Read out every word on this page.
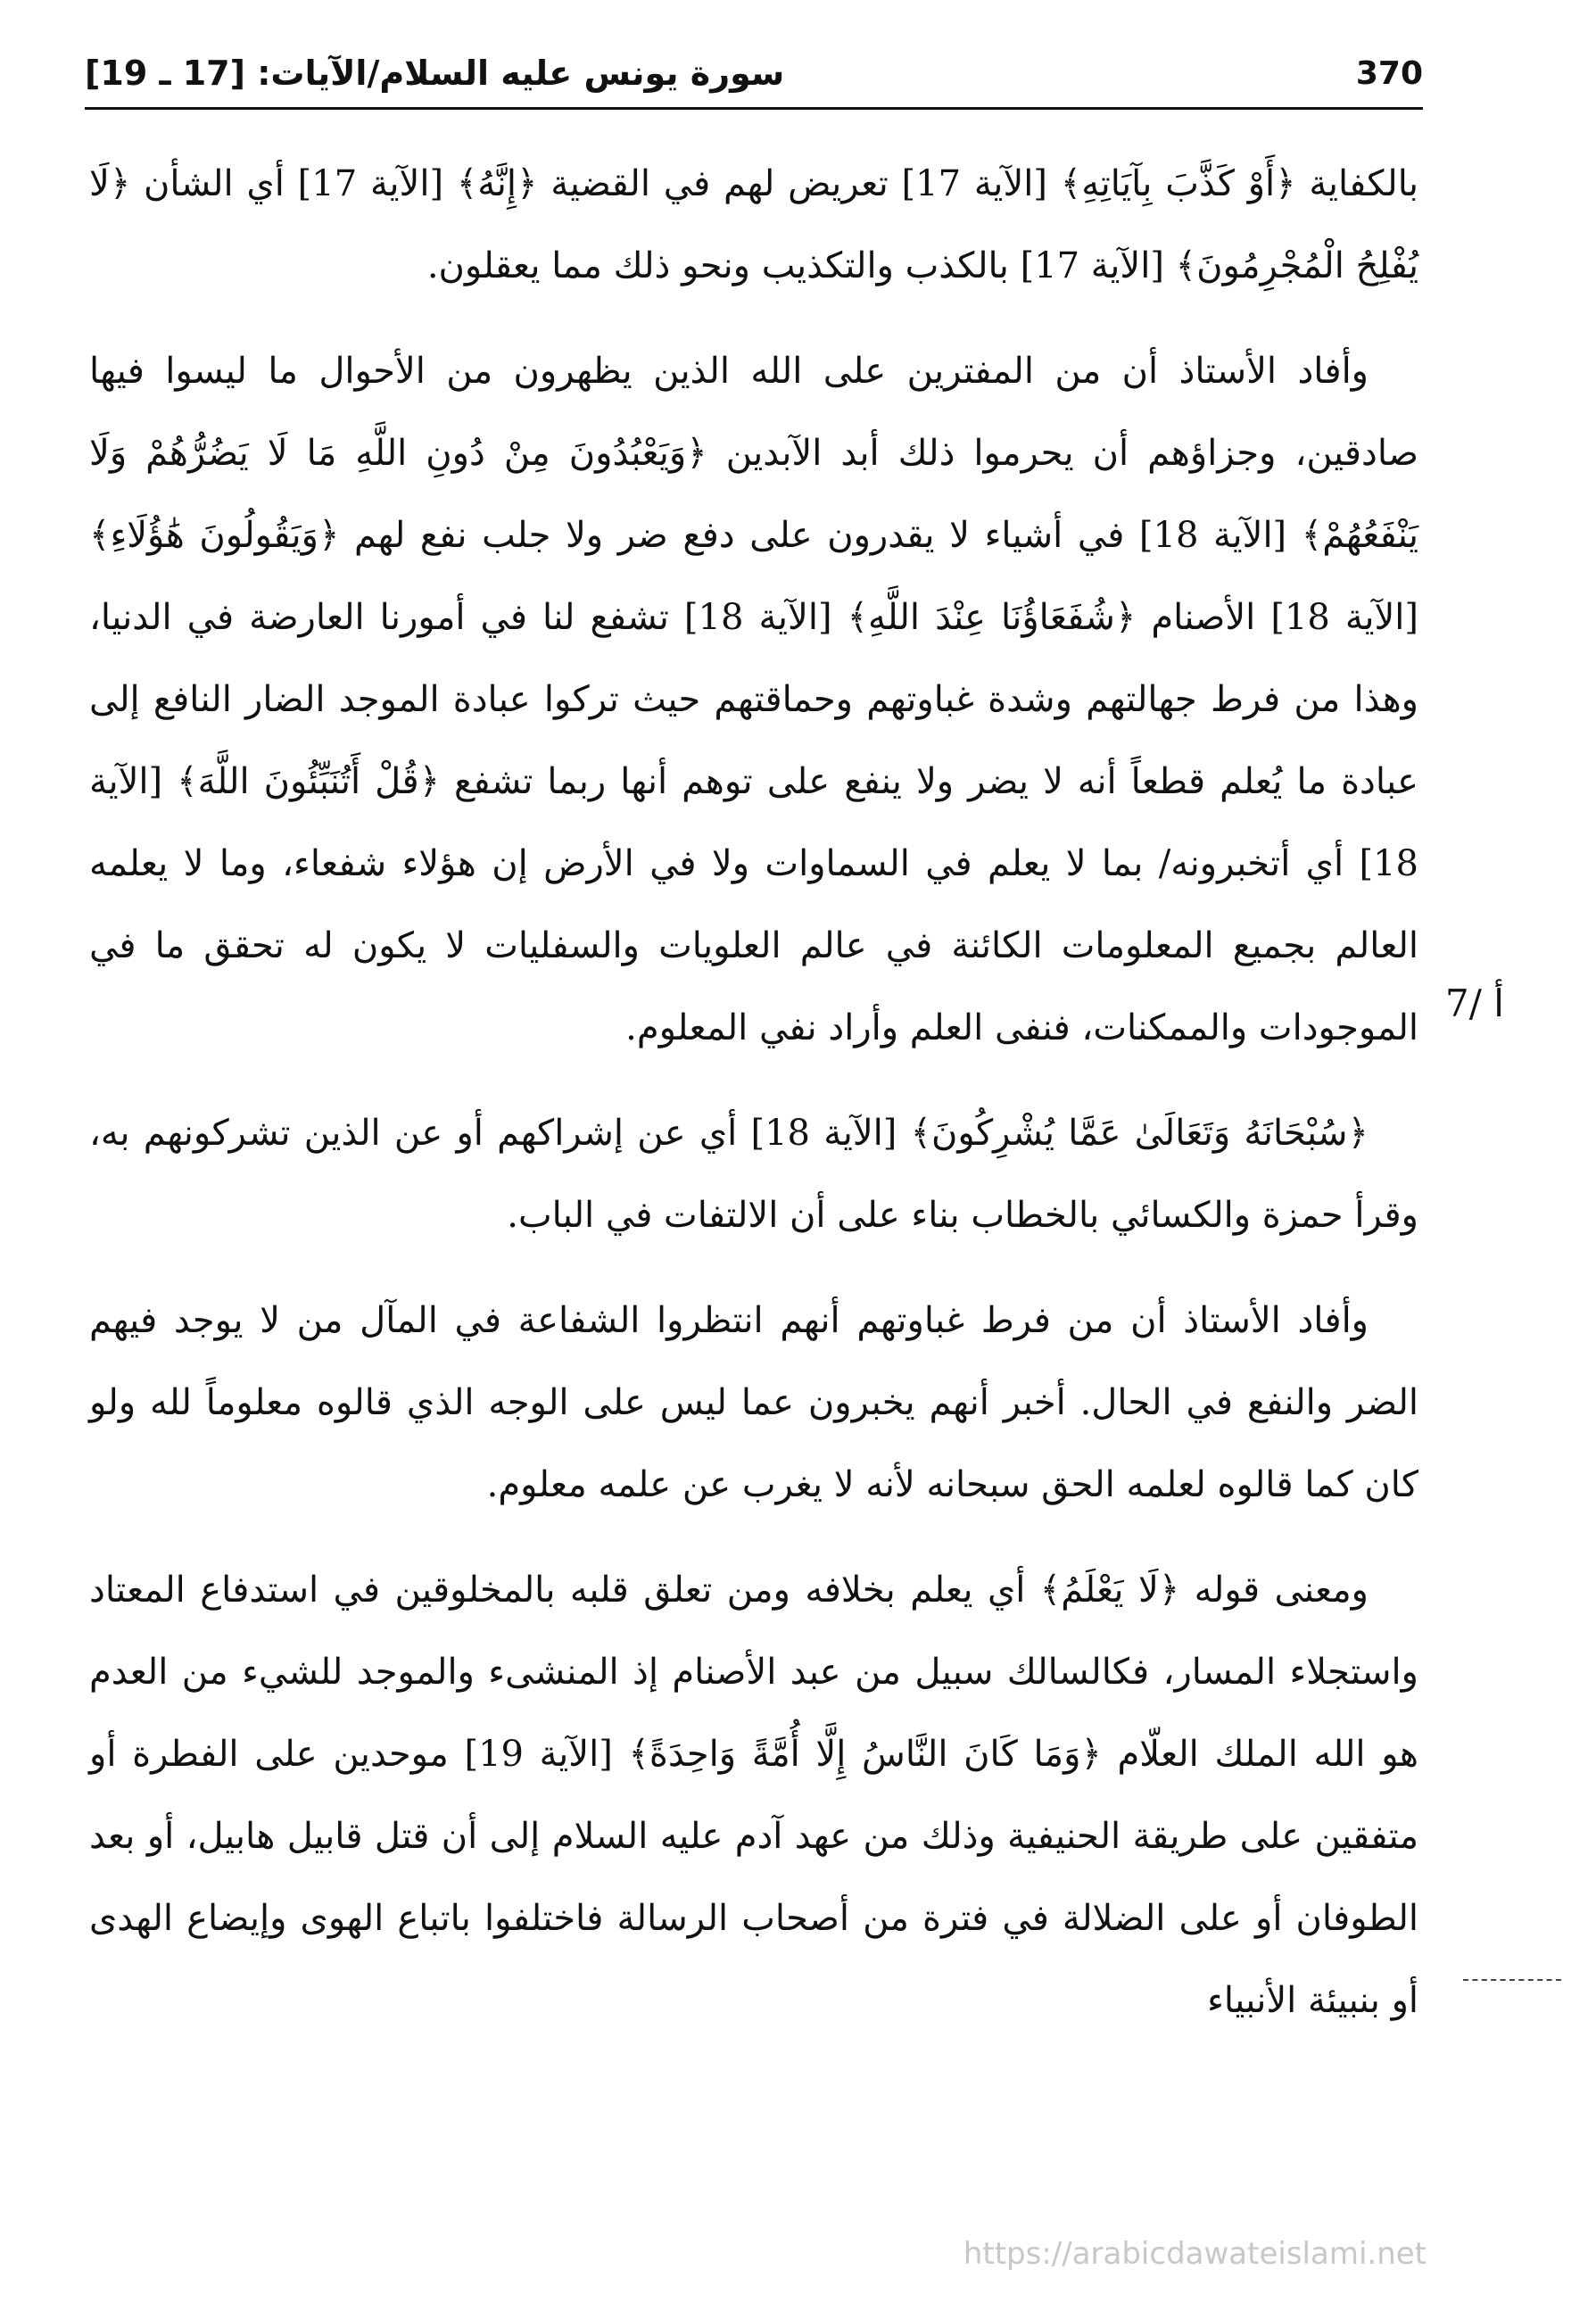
370
سورة يونس عليه السلام/الآيات: [17 ـ 19]
7/ أ

بالكفاية ﴿أَوْ كَذَّبَ بِآيَاتِهِ﴾ [الآية 17] تعريض لهم في القضية ﴿إِنَّهُ﴾ [الآية 17] أي الشأن ﴿لَا يُفْلِحُ الْمُجْرِمُونَ﴾ [الآية 17] بالكذب والتكذيب ونحو ذلك مما يعقلون.

وأفاد الأستاذ أن من المفترين على الله الذين يظهرون من الأحوال ما ليسوا فيها صادقين، وجزاؤهم أن يحرموا ذلك أبد الآبدين ﴿وَيَعْبُدُونَ مِنْ دُونِ اللَّهِ مَا لَا يَضُرُّهُمْ وَلَا يَنْفَعُهُمْ﴾ [الآية 18] في أشياء لا يقدرون على دفع ضر ولا جلب نفع لهم ﴿وَيَقُولُونَ هَٰؤُلَاءِ﴾ [الآية 18] الأصنام ﴿شُفَعَاؤُنَا عِنْدَ اللَّهِ﴾ [الآية 18] تشفع لنا في أمورنا العارضة في الدنيا، وهذا من فرط جهالتهم وشدة غباوتهم وحماقتهم حيث تركوا عبادة الموجد الضار النافع إلى عبادة ما يُعلم قطعاً أنه لا يضر ولا ينفع على توهم أنها ربما تشفع ﴿قُلْ أَتُنَبِّئُونَ اللَّهَ﴾ [الآية 18] أي أتخبرونه/ بما لا يعلم في السماوات ولا في الأرض إن هؤلاء شفعاء، وما لا يعلمه العالم بجميع المعلومات الكائنة في عالم العلويات والسفليات لا يكون له تحقق ما في الموجودات والممكنات، فنفى العلم وأراد نفي المعلوم.

﴿سُبْحَانَهُ وَتَعَالَىٰ عَمَّا يُشْرِكُونَ﴾ [الآية 18] أي عن إشراكهم أو عن الذين تشركونهم به، وقرأ حمزة والكسائي بالخطاب بناء على أن الالتفات في الباب.

وأفاد الأستاذ أن من فرط غباوتهم أنهم انتظروا الشفاعة في المآل من لا يوجد فيهم الضر والنفع في الحال. أخبر أنهم يخبرون عما ليس على الوجه الذي قالوه معلوماً لله ولو كان كما قالوه لعلمه الحق سبحانه لأنه لا يغرب عن علمه معلوم.

ومعنى قوله ﴿لَا يَعْلَمُ﴾ أي يعلم بخلافه ومن تعلق قلبه بالمخلوقين في استدفاع المعتاد واستجلاء المسار، فكالسالك سبيل من عبد الأصنام إذ المنشىء والموجد للشيء من العدم هو الله الملك العلّام ﴿وَمَا كَانَ النَّاسُ إِلَّا أُمَّةً وَاحِدَةً﴾ [الآية 19] موحدين على الفطرة أو متفقين على طريقة الحنيفية وذلك من عهد آدم عليه السلام إلى أن قتل قابيل هابيل، أو بعد الطوفان أو على الضلالة في فترة من أصحاب الرسالة فاختلفوا باتباع الهوى وإيضاع الهدى أو بنبيئة الأنبياء

https://arabicdawateislami.net
